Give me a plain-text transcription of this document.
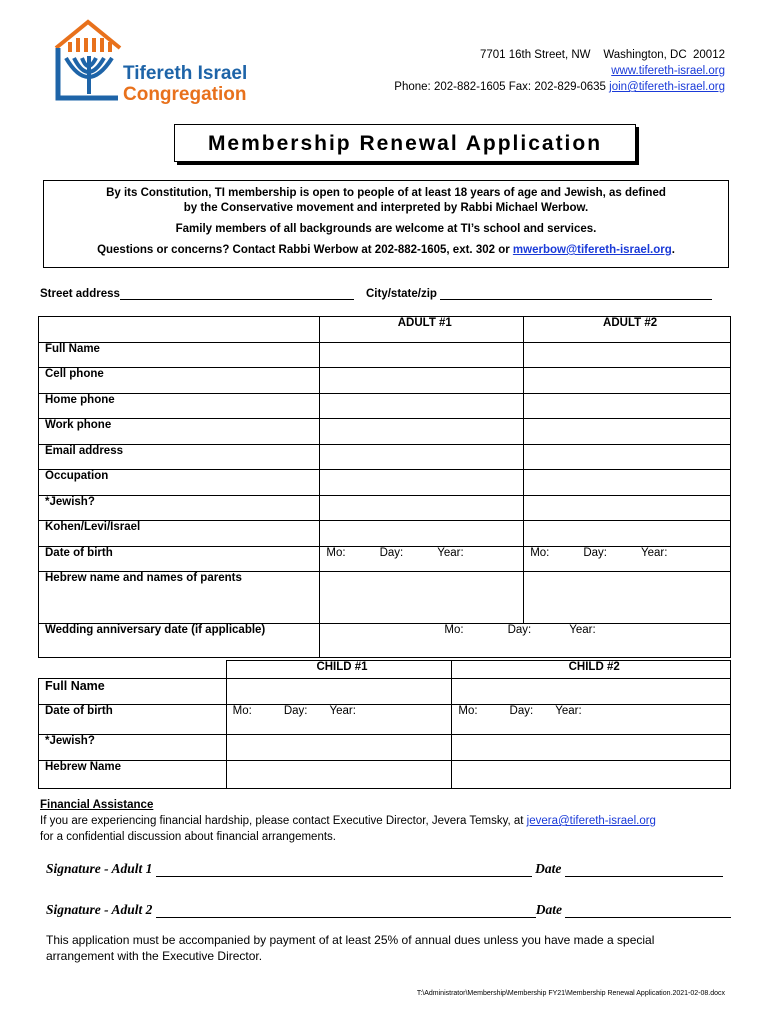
Tifereth Israel
Congregation
7701 16th Street, NW    Washington, DC  20012
www.tifereth-israel.org
Phone: 202-882-1605 Fax: 202-829-0635 join@tifereth-israel.org
Membership Renewal Application

By its Constitution, TI membership is open to people of at least 18 years of age and Jewish, as defined
by the Conservative movement and interpreted by Rabbi Michael Werbow.

Family members of all backgrounds are welcome at TI’s school and services.

Questions or concerns? Contact Rabbi Werbow at 202-882-1605, ext. 302 or mwerbow@tifereth-israel.org.

Street address	City/state/zip
	ADULT #1	ADULT #2
Full Name		
Cell phone		
Home phone		
Work phone		
Email address		
Occupation		
*Jewish?		
Kohen/Levi/Israel		
Date of birth	Mo: Day: Year:	Mo: Day: Year:
Hebrew name and names of parents		
Wedding anniversary date (if applicable)	Mo: Day: Year:	
	CHILD #1	CHILD #2
Full Name		
Date of birth	Mo: Day: Year:	Mo: Day: Year:
*Jewish?		
Hebrew Name		
Financial Assistance
If you are experiencing financial hardship, please contact Executive Director, Jevera Temsky, at jevera@tifereth-israel.org
for a confidential discussion about financial arrangements.
Signature - Adult 1	Date
Signature - Adult 2	Date
This application must be accompanied by payment of at least 25% of annual dues unless you have made a special arrangement with the Executive Director.
T:\Administrator\Membership\Membership FY21\Membership Renewal Application.2021-02-08.docx
